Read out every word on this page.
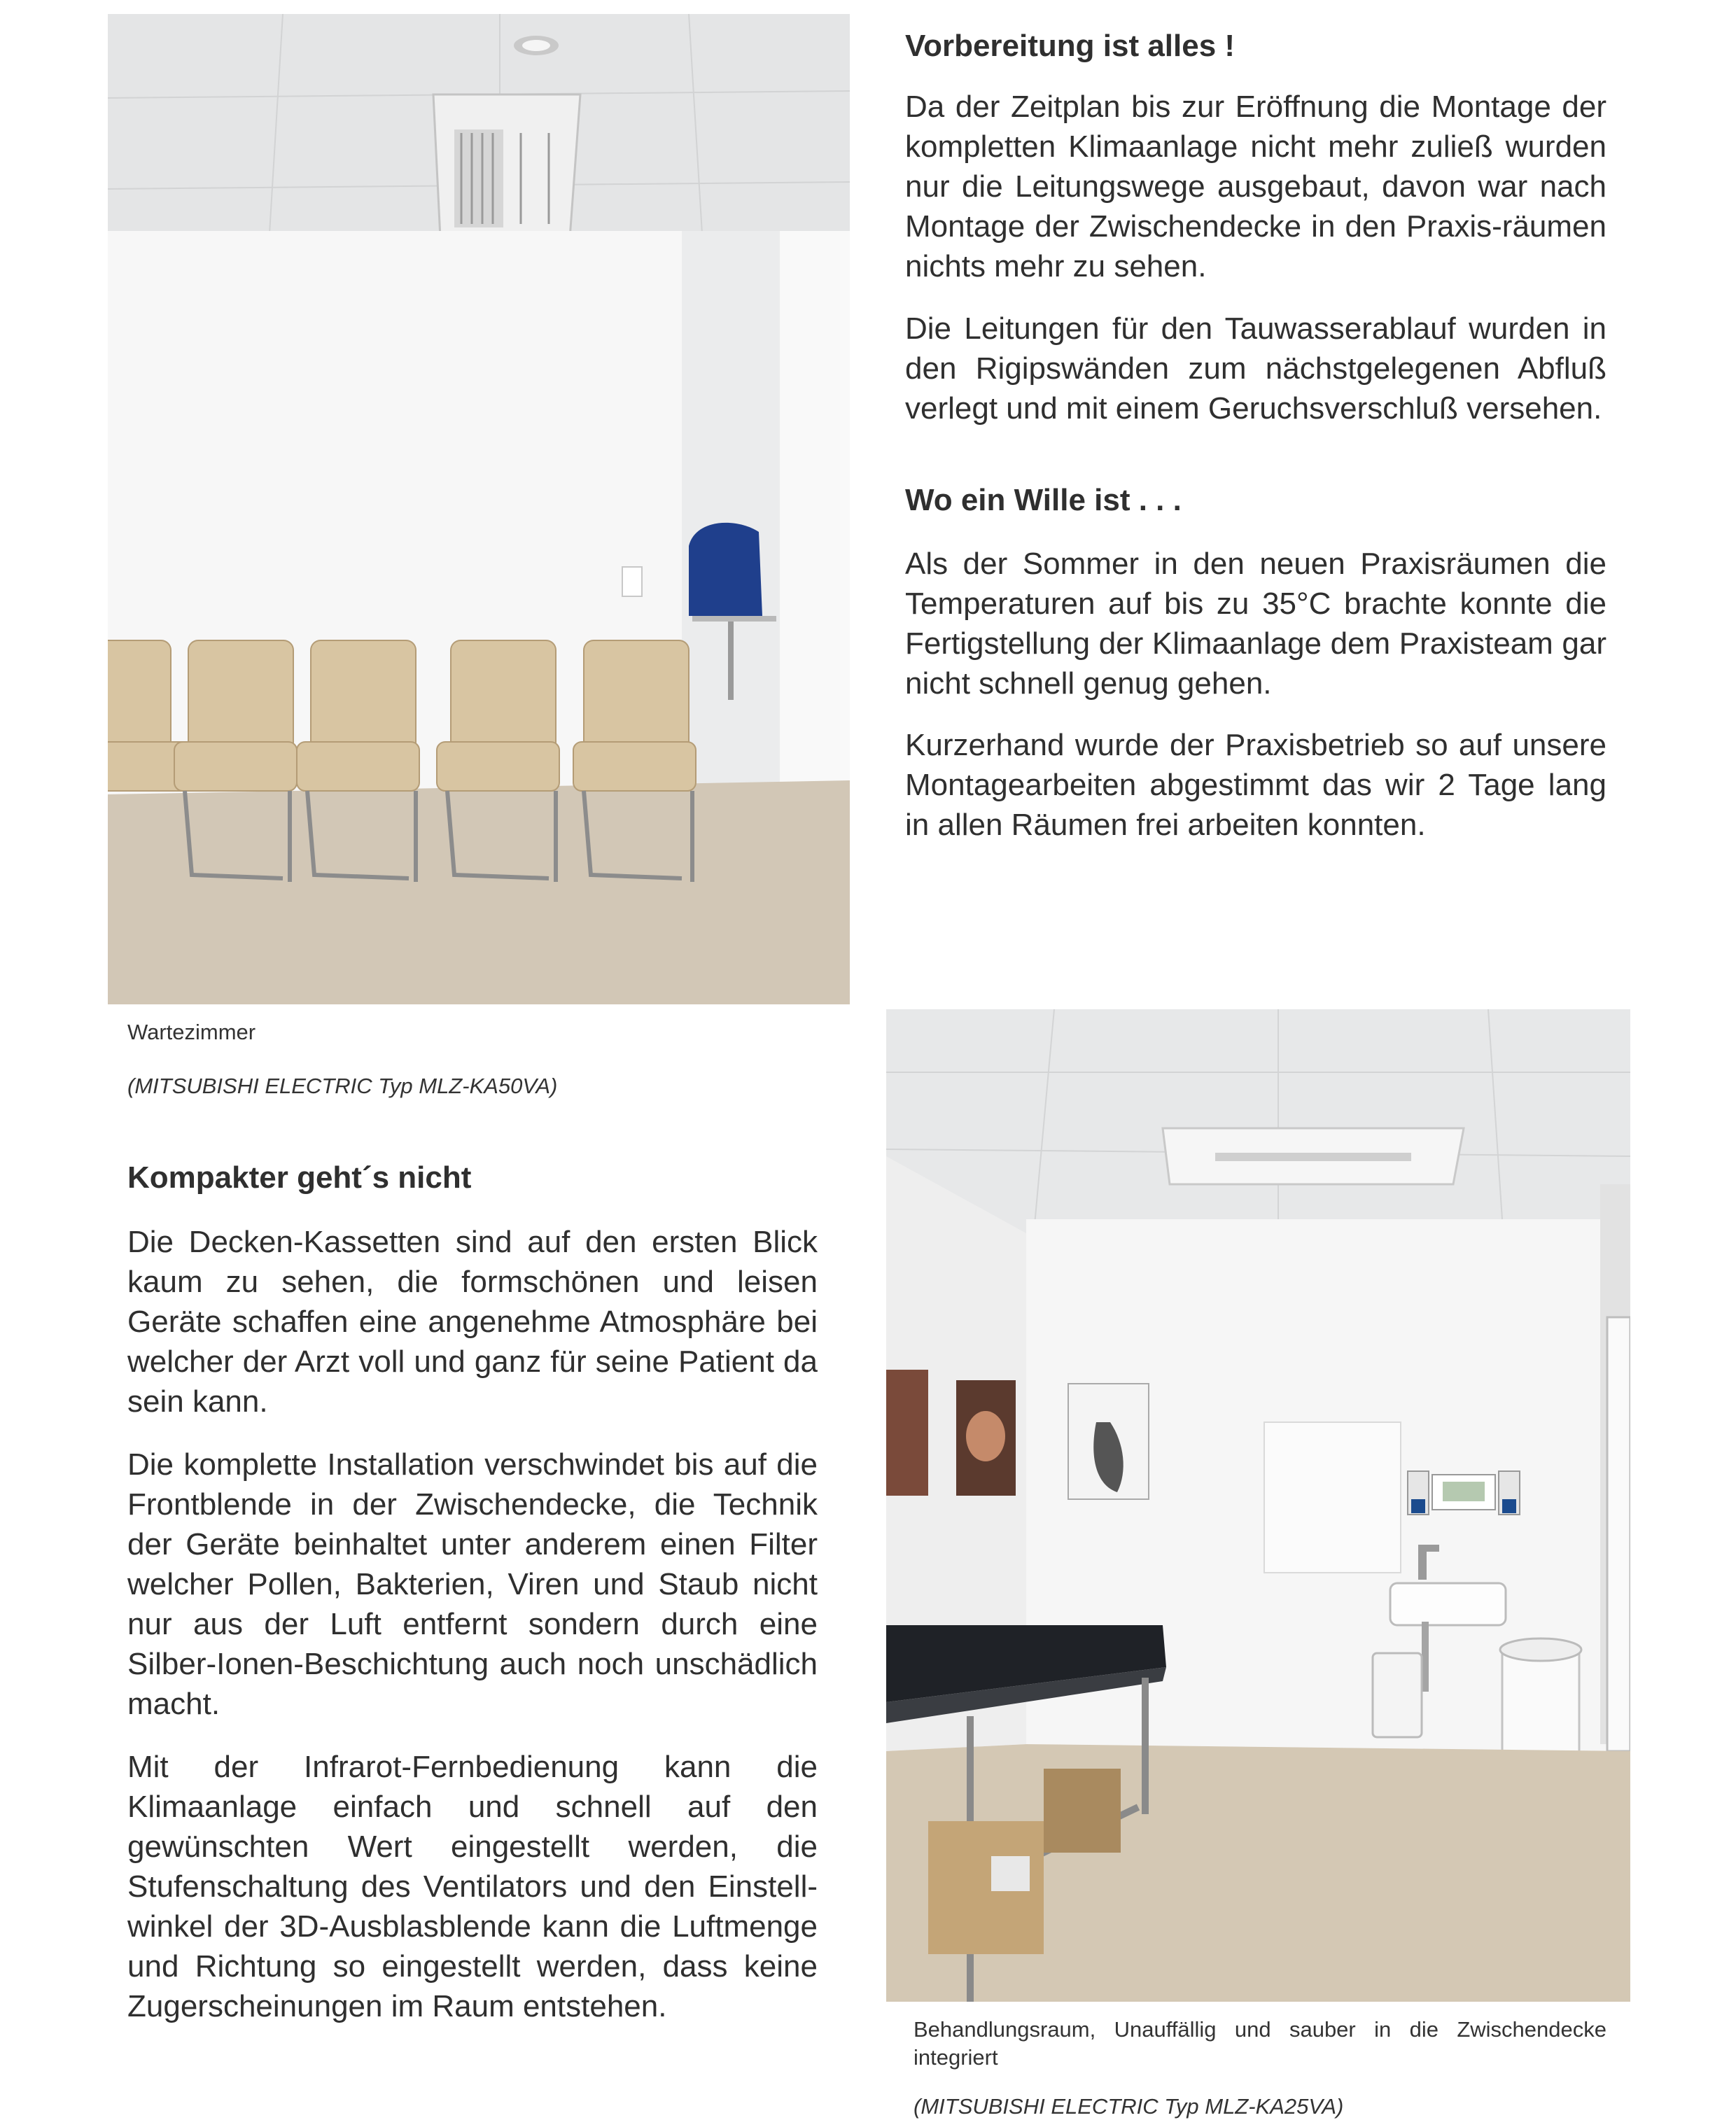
Vorbereitung ist alles !

Da der Zeitplan bis zur Eröffnung die Montage der kompletten Klimaanlage nicht mehr zuließ wurden nur die Leitungswege ausgebaut, davon war nach Montage der Zwischendecke in den Praxis-räumen nichts mehr zu sehen.

Die Leitungen für den Tauwasserablauf wurden in den Rigipswänden zum nächstgelegenen Abfluß verlegt und mit einem Geruchsverschluß versehen.

Wo ein Wille ist . . .

Als der Sommer in den neuen Praxisräumen die Temperaturen auf bis zu 35°C brachte konnte die Fertigstellung der Klimaanlage dem Praxisteam gar nicht schnell genug gehen.

Kurzerhand wurde der Praxisbetrieb so auf unsere Montagearbeiten abgestimmt das wir 2 Tage lang in allen Räumen frei arbeiten konnten.

Wartezimmer
(MITSUBISHI ELECTRIC Typ MLZ-KA50VA)
Kompakter geht´s nicht

Die Decken-Kassetten sind auf den ersten Blick kaum zu sehen, die formschönen und leisen Geräte schaffen eine angenehme Atmosphäre bei welcher der Arzt voll und ganz für seine Patient da sein kann.

Die komplette Installation verschwindet bis auf die Frontblende in der Zwischendecke, die Technik der Geräte beinhaltet unter anderem einen Filter welcher Pollen, Bakterien, Viren und Staub nicht nur aus der Luft entfernt sondern durch eine Silber-Ionen-Beschichtung auch noch unschädlich macht.

Mit der Infrarot-Fernbedienung kann die Klimaanlage einfach und schnell auf den gewünschten Wert eingestellt werden, die Stufenschaltung des Ventilators und den Einstell-winkel der 3D-Ausblasblende kann die Luftmenge und Richtung so eingestellt werden, dass keine Zugerscheinungen im Raum entstehen.

Behandlungsraum, Unauffällig und sauber in die Zwischendecke integriert
(MITSUBISHI ELECTRIC Typ MLZ-KA25VA)
